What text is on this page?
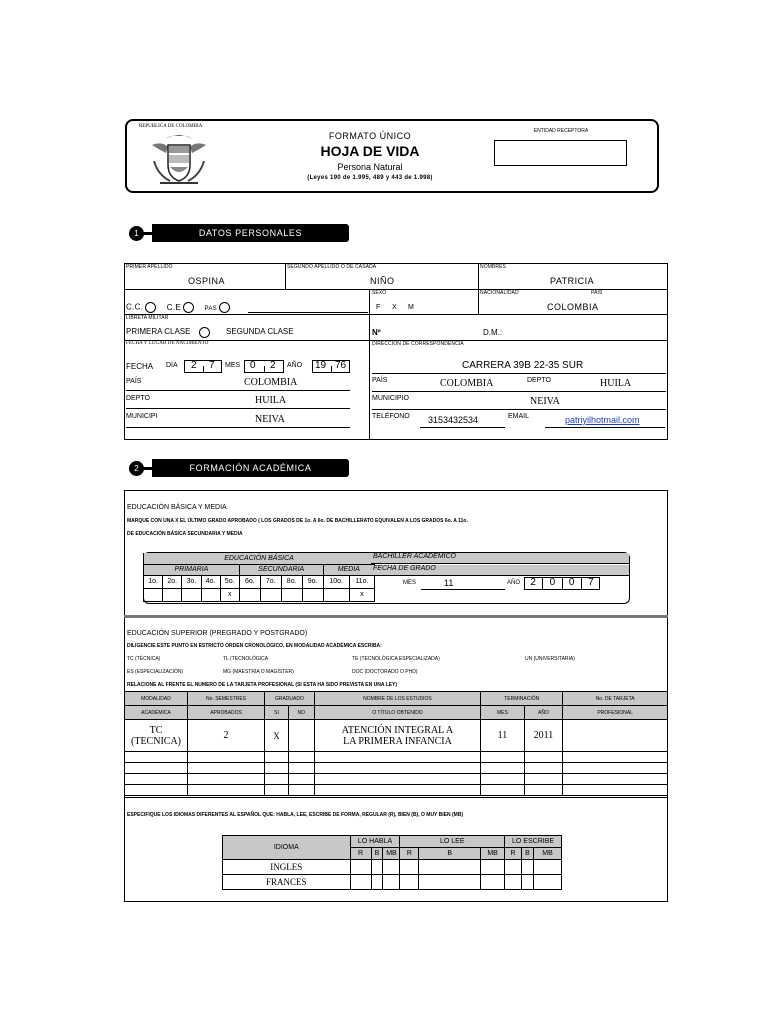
REPUBLICA DE COLOMBIA
FORMATO ÚNICO
HOJA DE VIDA
Persona Natural
(Leyes 190 de 1.995, 489 y 443 de 1.998)
ENTIDAD RECEPTORA
1	DATOS PERSONALES
PRIMER APELLIDO
OSPINA
SEGUNDO APELLIDO O DE CASADA
NIÑO
NOMBRES
PATRICIA
C.C.	C.E	PAS
SEXO
F X M
NACIONALIDAD	PAÍS
COLOMBIA
LIBRETA MILITAR
PRIMERA CLASE	SEGUNDA CLASE	Nº	D.M.:
FECHA Y LUGAR DE NACIMIENTO
FECHA DIA 2 7 MES 0 2 AÑO 19 76
PAÍS	COLOMBIA
DEPTO	HUILA
MUNICIPI	NEIVA
DIRECCIÓN DE CORRESPONDENCIA
CARRERA 39B 22-35 SUR
PAÍS	COLOMBIA	DEPTO	HUILA
MUNICIPIO	NEIVA
TELÉFONO 3153432534	EMAIL	patriyilhotmail.com
2	FORMACIÓN ACADÉMICA
EDUCACIÓN BÁSICA Y MEDIA
MARQUE CON UNA X EL ÚLTIMO GRADO APROBADO ( LOS GRADOS DE 1o. A 6o. DE BACHILLERATO EQUIVALEN A LOS GRADOS 6o. A 11o.
DE EDUCACIÓN BÁSICA SECUNDARIA Y MEDIA
EDUCACIÓN BÁSICA										
PRIMARIA					SECUNDARIA				MEDIA	
1o.	2o.	3o.	4o.	5o.	6o.	7o.	8o.	9o.	10o.	11o.
				x						x
BACHILLER ACADEMICO
FECHA DE GRADO
MES	11	AÑO	2	0	0	7
EDUCACIÓN SUPERIOR (PREGRADO Y POSTGRADO)
DILIGENCIE ESTE PUNTO EN ESTRICTO ORDEN CRONOLÓGICO, EN MODALIDAD ACADÉMICA ESCRIBA:
TC (TÉCNICA)	TL (TECNOLÓGICA	TE (TECNOLÓGICA ESPECIALIZADA)	UN (UNIVERSITARIA)
ES (ESPECIALIZACIÓN)	MG (MAESTRÍA O MAGÍSTER)	DOC (DOCTORADO O PHD)
RELACIONE AL FRENTE EL NUMERO DE LA TARJETA PROFESIONAL (SI ESTA HA SIDO PREVISTA EN UNA LEY)
MODALIDAD	No. SEMESTRES	GRADUADO		NOMBRE DE LOS ESTUDIOS	TERMINACIÓN		No. DE TARJETA
ACADÉMICA	APROBADOS	SI	NO	O TÍTULO OBTENIDO	MES	AÑO	PROFESIONAL
TC (TECNICA)	2	X		ATENCIÓN INTEGRAL A LA PRIMERA INFANCIA	11	2011	

ESPECIFIQUE LOS IDIOMAS DIFERENTES AL ESPAÑOL QUE: HABLA, LEE, ESCRIBE DE FORMA, REGULAR (R), BIEN (B), O MUY BIEN (MB)
IDIOMA	LO HABLA			LO LEE			LO ESCRIBE		
	R	B	MB	R	B	MB	R	B	MB
INGLES									
FRANCES									
